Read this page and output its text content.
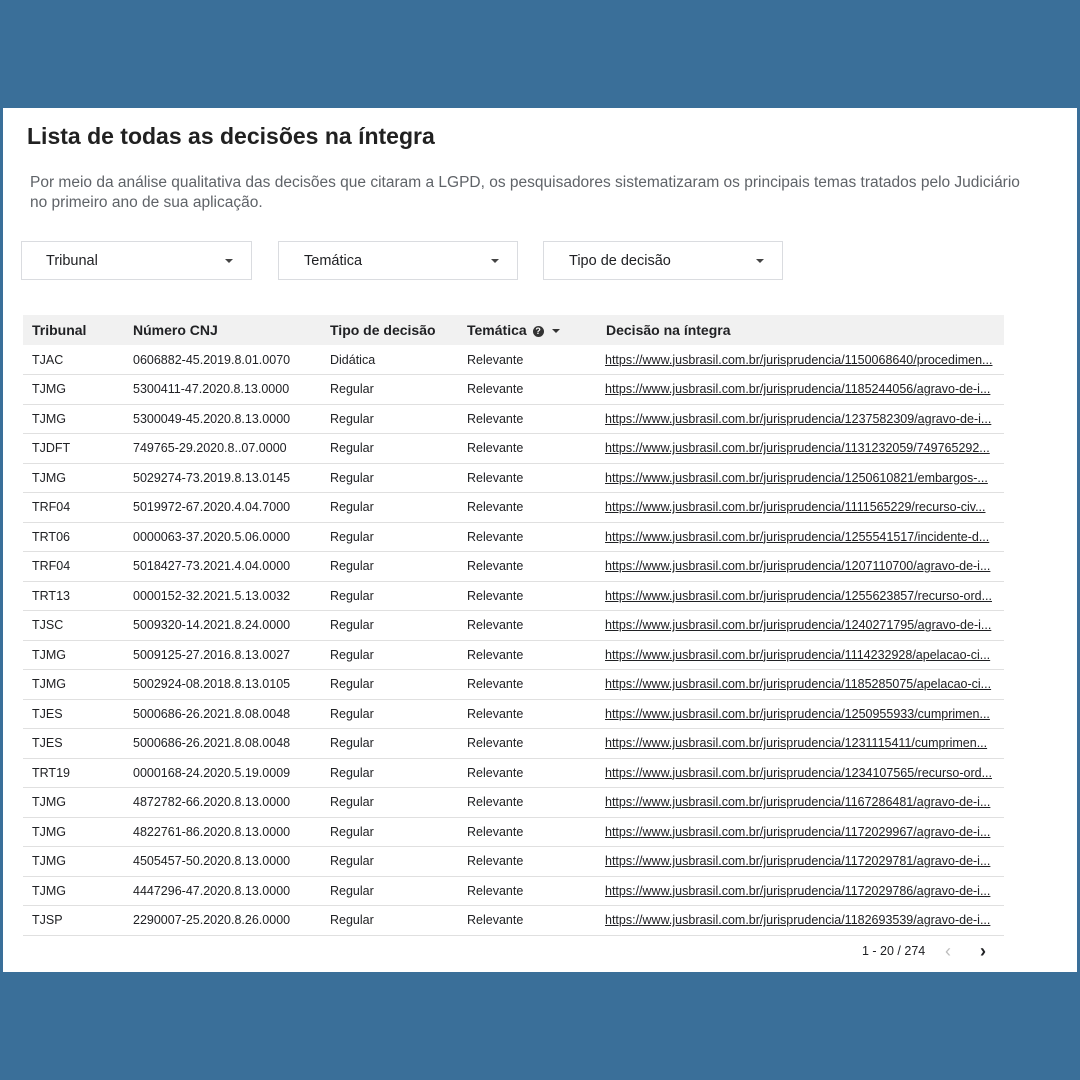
Lista de todas as decisões na íntegra

Por meio da análise qualitativa das decisões que citaram a LGPD, os pesquisadores sistematizaram os principais temas tratados pelo Judiciário no primeiro ano de sua aplicação.

Tribunal	Temática	Tipo de decisão
Tribunal	Número CNJ	Tipo de decisão	Temática ?	Decisão na íntegra
TJAC	0606882-45.2019.8.01.0070	Didática	Relevante	https://www.jusbrasil.com.br/jurisprudencia/1150068640/procedimen...
TJMG	5300411-47.2020.8.13.0000	Regular	Relevante	https://www.jusbrasil.com.br/jurisprudencia/1185244056/agravo-de-i...
TJMG	5300049-45.2020.8.13.0000	Regular	Relevante	https://www.jusbrasil.com.br/jurisprudencia/1237582309/agravo-de-i...
TJDFT	749765-29.2020.8..07.0000	Regular	Relevante	https://www.jusbrasil.com.br/jurisprudencia/1131232059/749765292...
TJMG	5029274-73.2019.8.13.0145	Regular	Relevante	https://www.jusbrasil.com.br/jurisprudencia/1250610821/embargos-...
TRF04	5019972-67.2020.4.04.7000	Regular	Relevante	https://www.jusbrasil.com.br/jurisprudencia/1111565229/recurso-civ...
TRT06	0000063-37.2020.5.06.0000	Regular	Relevante	https://www.jusbrasil.com.br/jurisprudencia/1255541517/incidente-d...
TRF04	5018427-73.2021.4.04.0000	Regular	Relevante	https://www.jusbrasil.com.br/jurisprudencia/1207110700/agravo-de-i...
TRT13	0000152-32.2021.5.13.0032	Regular	Relevante	https://www.jusbrasil.com.br/jurisprudencia/1255623857/recurso-ord...
TJSC	5009320-14.2021.8.24.0000	Regular	Relevante	https://www.jusbrasil.com.br/jurisprudencia/1240271795/agravo-de-i...
TJMG	5009125-27.2016.8.13.0027	Regular	Relevante	https://www.jusbrasil.com.br/jurisprudencia/1114232928/apelacao-ci...
TJMG	5002924-08.2018.8.13.0105	Regular	Relevante	https://www.jusbrasil.com.br/jurisprudencia/1185285075/apelacao-ci...
TJES	5000686-26.2021.8.08.0048	Regular	Relevante	https://www.jusbrasil.com.br/jurisprudencia/1250955933/cumprimen...
TJES	5000686-26.2021.8.08.0048	Regular	Relevante	https://www.jusbrasil.com.br/jurisprudencia/1231115411/cumprimen...
TRT19	0000168-24.2020.5.19.0009	Regular	Relevante	https://www.jusbrasil.com.br/jurisprudencia/1234107565/recurso-ord...
TJMG	4872782-66.2020.8.13.0000	Regular	Relevante	https://www.jusbrasil.com.br/jurisprudencia/1167286481/agravo-de-i...
TJMG	4822761-86.2020.8.13.0000	Regular	Relevante	https://www.jusbrasil.com.br/jurisprudencia/1172029967/agravo-de-i...
TJMG	4505457-50.2020.8.13.0000	Regular	Relevante	https://www.jusbrasil.com.br/jurisprudencia/1172029781/agravo-de-i...
TJMG	4447296-47.2020.8.13.0000	Regular	Relevante	https://www.jusbrasil.com.br/jurisprudencia/1172029786/agravo-de-i...
TJSP	2290007-25.2020.8.26.0000	Regular	Relevante	https://www.jusbrasil.com.br/jurisprudencia/1182693539/agravo-de-i...
1 - 20 / 274 ‹ ›
